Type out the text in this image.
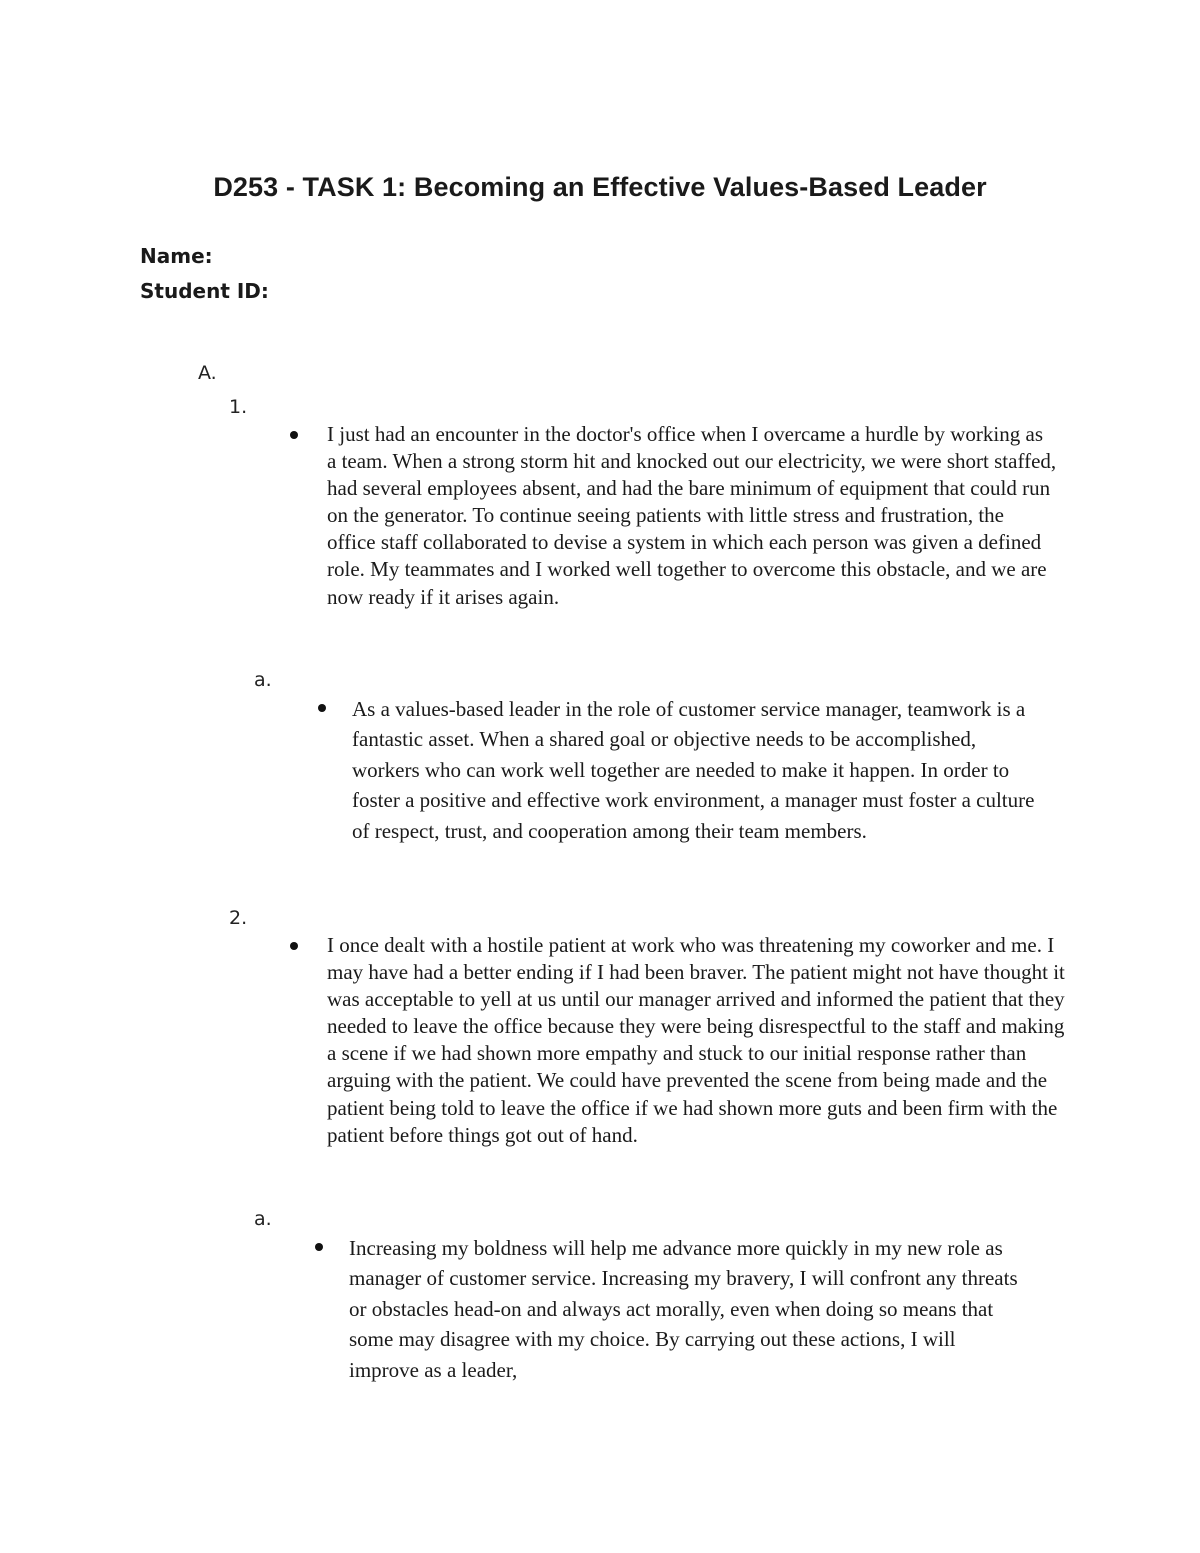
D253 - TASK 1: Becoming an Effective Values-Based Leader
Name:
Student ID:
A.
1.
I just had an encounter in the doctor's office when I overcame a hurdle by working as a team. When a strong storm hit and knocked out our electricity, we were short staffed, had several employees absent, and had the bare minimum of equipment that could run on the generator. To continue seeing patients with little stress and frustration, the office staff collaborated to devise a system in which each person was given a defined role. My teammates and I worked well together to overcome this obstacle, and we are now ready if it arises again.
a.
As a values-based leader in the role of customer service manager, teamwork is a fantastic asset. When a shared goal or objective needs to be accomplished, workers who can work well together are needed to make it happen. In order to foster a positive and effective work environment, a manager must foster a culture of respect, trust, and cooperation among their team members.
2.
I once dealt with a hostile patient at work who was threatening my coworker and me. I may have had a better ending if I had been braver. The patient might not have thought it was acceptable to yell at us until our manager arrived and informed the patient that they needed to leave the office because they were being disrespectful to the staff and making a scene if we had shown more empathy and stuck to our initial response rather than arguing with the patient. We could have prevented the scene from being made and the patient being told to leave the office if we had shown more guts and been firm with the patient before things got out of hand.
a.
Increasing my boldness will help me advance more quickly in my new role as manager of customer service. Increasing my bravery, I will confront any threats or obstacles head-on and always act morally, even when doing so means that some may disagree with my choice. By carrying out these actions, I will improve as a leader,
